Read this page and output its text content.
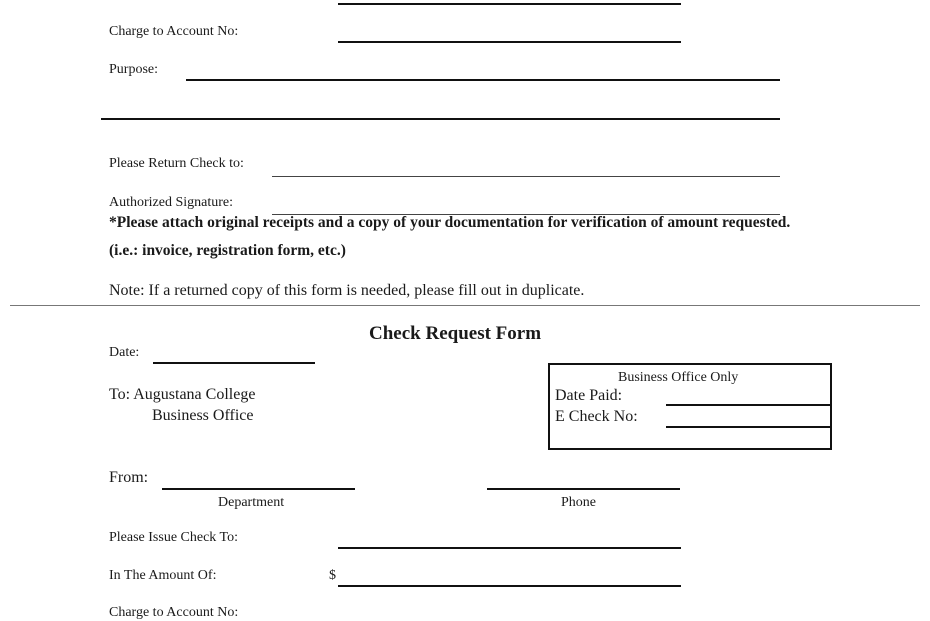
Charge to Account No:
Purpose:
Please Return Check to:
Authorized Signature:
*Please attach original receipts and a copy of your documentation for verification of amount requested.
(i.e.: invoice, registration form, etc.)
Note: If a returned copy of this form is needed, please fill out in duplicate.
Check Request Form
Date:
To: Augustana College
Business Office
Business Office Only
Date Paid:
E Check No:
From:
Department	Phone
Please Issue Check To:
In The Amount Of:	$
Charge to Account No:
